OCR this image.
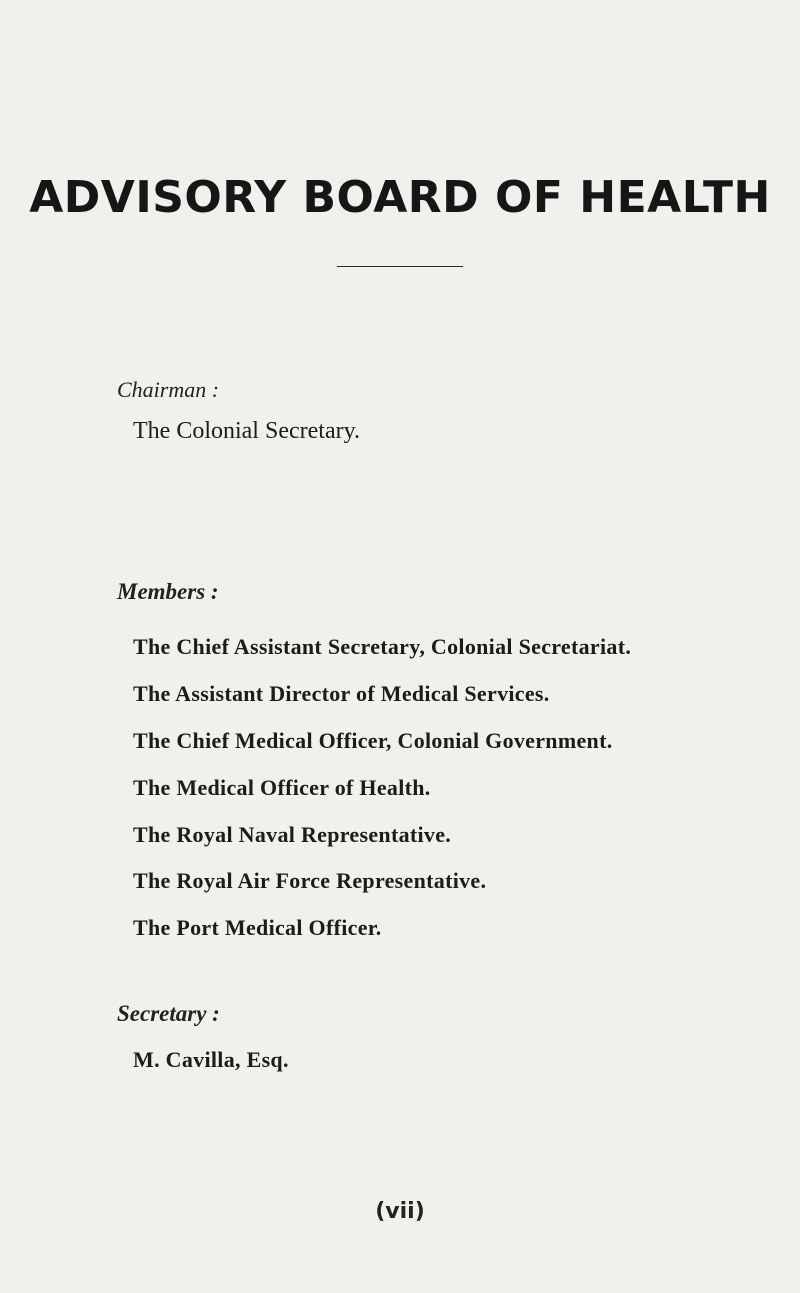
ADVISORY BOARD OF HEALTH
Chairman :
The Colonial Secretary.
Members :
The Chief Assistant Secretary, Colonial Secretariat.
The Assistant Director of Medical Services.
The Chief Medical Officer, Colonial Government.
The Medical Officer of Health.
The Royal Naval Representative.
The Royal Air Force Representative.
The Port Medical Officer.
Secretary :
M. Cavilla, Esq.
(vii)
